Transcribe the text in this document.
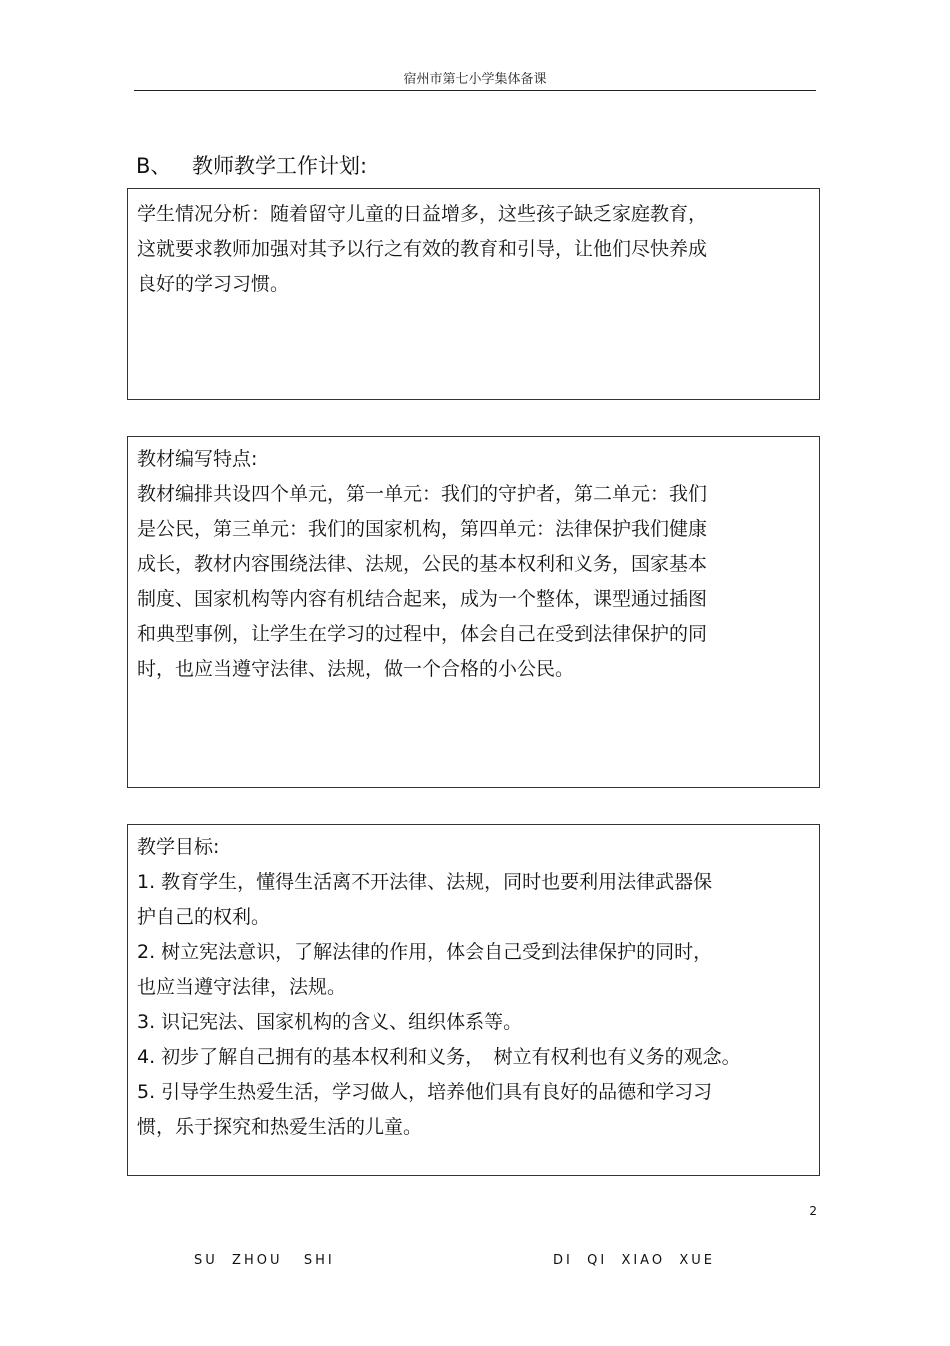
宿州市第七小学集体备课
B、 教师教学工作计划:
学生情况分析：随着留守儿童的日益增多，这些孩子缺乏家庭教育，
这就要求教师加强对其予以行之有效的教育和引导，让他们尽快养成
良好的学习习惯。
教材编写特点:
教材编排共设四个单元，第一单元：我们的守护者，第二单元：我们
是公民，第三单元：我们的国家机构，第四单元：法律保护我们健康
成长，教材内容围绕法律、法规，公民的基本权利和义务，国家基本
制度、国家机构等内容有机结合起来，成为一个整体，课型通过插图
和典型事例，让学生在学习的过程中，体会自己在受到法律保护的同
时，也应当遵守法律、法规，做一个合格的小公民。
教学目标:
1. 教育学生，懂得生活离不开法律、法规，同时也要利用法律武器保
护自己的权利。
2. 树立宪法意识，了解法律的作用，体会自己受到法律保护的同时，
也应当遵守法律，法规。
3. 识记宪法、国家机构的含义、组织体系等。
4. 初步了解自己拥有的基本权利和义务，　树立有权利也有义务的观念。
5. 引导学生热爱生活，学习做人，培养他们具有良好的品德和学习习
惯，乐于探究和热爱生活的儿童。
2
SU  ZHOU   SHI	DI  QI  XIAO  XUE
